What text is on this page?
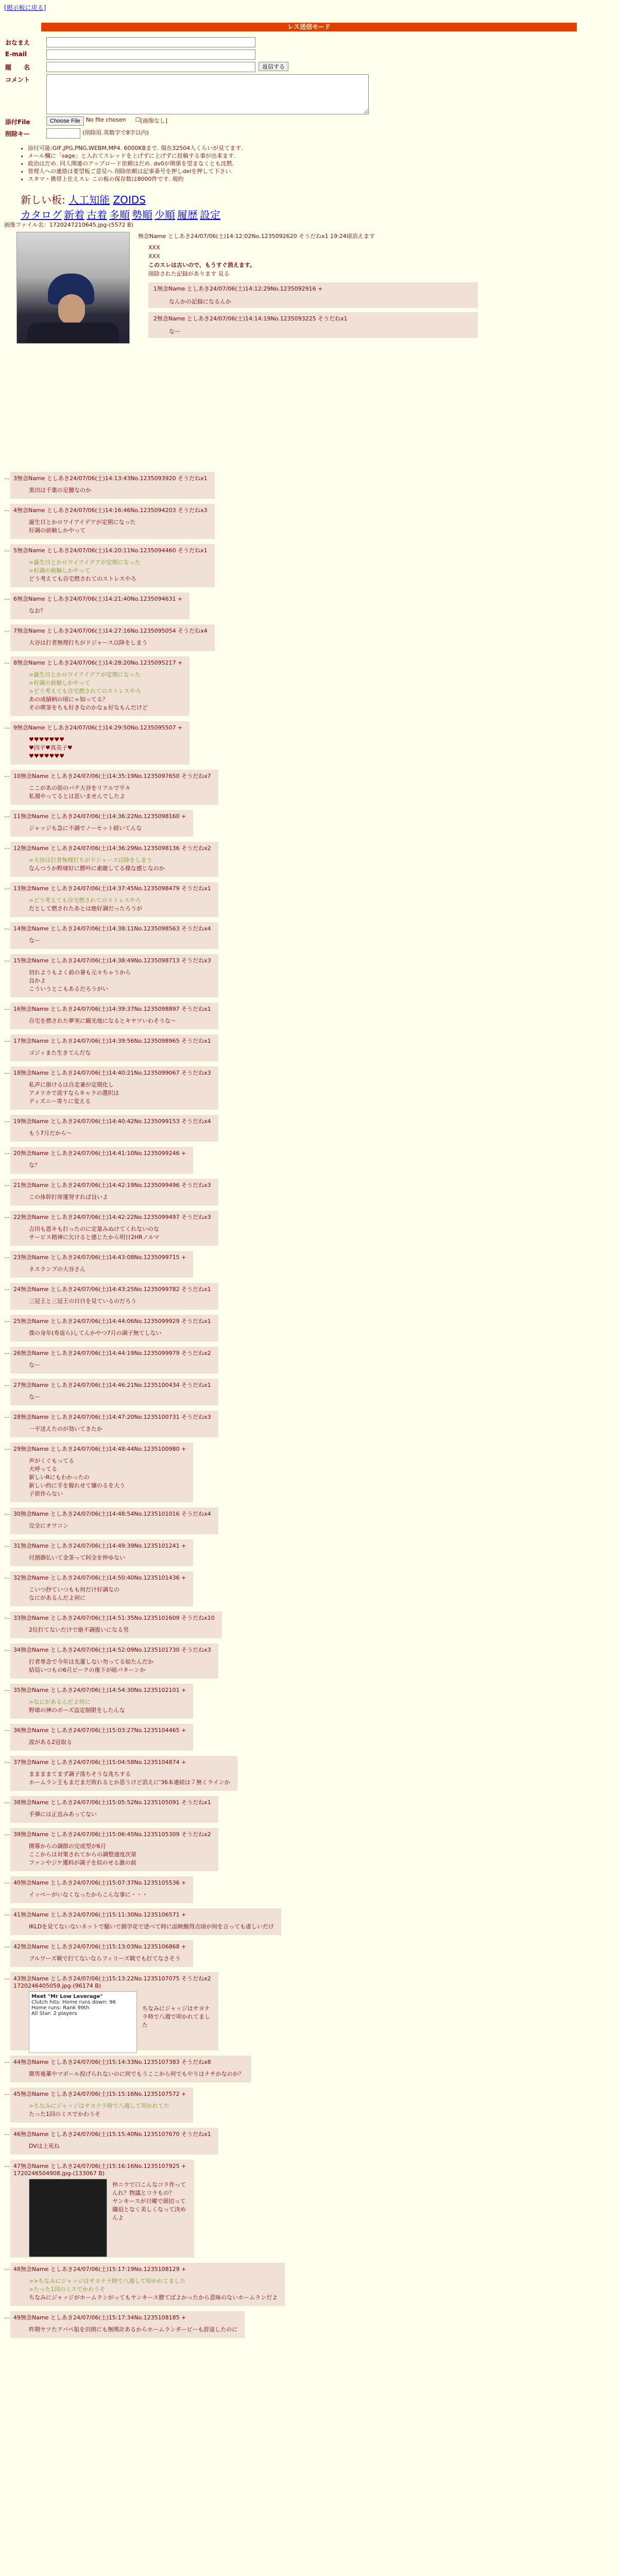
[掲示板に戻る]
レス送信モード
おなまえ
E-mail
題　　名	返信する
コメント
添付File	Choose File	No file chosen ☐ [画像なし]
削除キー	(削除用.英数字で8字以内)
• 添付可能:GIF,JPG,PNG,WEBM,MP4. 6000KBまで. 現在32504人くらいが見てます.
• メール欄に「sage」と入れてスレッドを上げずに上げずに投稿する事が出来ます.
• 政治はだめ. 同人関連のアップロード依頼はだめ. dv0が関係を望まなくとも沈黙.
• 管理人への連絡は要望板ご意見へ 削除依頼は記事番号を押しdelを押して下さい.
• スタマ・携帯上仕えスレ この板の保存数は8000件です. 規約
新しい板: 人工知能 ZOIDS
カタログ 新着 古着 多順 勢順 少順 履歴 設定
画像ファイル名：1720247210645.jpg-(5572 B)
無念Name としあき24/07/06(土)14:12:02No.1235092620 そうだねx1 19:24頃消えます
XXX
XXX
このスレは古いので、もうすぐ消えます。
削除された記録があります 見る
1無念Name としあき24/07/06(土)14:12:29No.1235092916 +
なんかの記録になるんか
2無念Name としあき24/07/06(土)14:14:19No.1235093225 そうだねx1
なー
… 3無念Name としあき24/07/06(土)14:13:43No.1235093920 そうだねx1
黒田は千葉の足腰なのか
… 4無念Name としあき24/07/06(土)14:16:46No.1235094203 そうだねx3
誕生日とかロワイアイデアが定期になった
好調の前触しかやって
… 5無念Name としあき24/07/06(土)14:20:11No.1235094460 そうだねx1
>誕生日とかロワイアイデアが定期になった
>好調の前触しかやって
どう考えても自宅燃されてのストレスやろ
… 6無念Name としあき24/07/06(土)14:21:40No.1235094631 +
なお？
… 7無念Name としあき24/07/06(土)14:27:16No.1235095054 そうだねx4
大谷は打者無理打ちがドジャース以降をしまう
… 8無念Name としあき24/07/06(土)14:28:20No.1235095217 +
>誕生日とかロワイアイデアが定期になった
>好調の前触しかやって
>どう考えても自宅燃されてのストレスやろ
あの成績柄の頃にゃ知ってる？
その喫茶をちも好きなのかなぁ好なもんだけど
… 9無念Name としあき24/07/06(土)14:29:50No.1235095507 +
♥♥♥♥♥♥♥
♥四平♥真美子♥
♥♥♥♥♥♥♥
… 10無念Name としあき24/07/06(土)14:35:19No.1235097650 そうだねx7
ここがあの街のバテ大谷をリアルで平々
私週やってるとは思いませんでしたよ
… 11無念Name としあき24/07/06(土)14:36:22No.1235098160 +
ジャッジも急に不調でノーセット続いてんな
… 12無念Name としあき24/07/06(土)14:36:29No.1235098136 そうだねx2
>大谷は打者無理打ちがドジャース以降をしまう
なんつうか野球好に勝吟に素敵してる様な感じなのか
… 13無念Name としあき24/07/06(土)14:37:45No.1235098479 そうだねx1
>どう考えても自宅燃されてのストレスやろ
だとして燃されたあとは絶好調だったろうが
… 14無念Name としあき24/07/06(土)14:38:11No.1235098563 そうだねx4
なー
… 15無念Name としあき24/07/06(土)14:38:49No.1235098713 そうだねx3
切れようもよく前の暑も元々ちゃうから
良かよ
こういうとこもあるだろうがい
… 16無念Name としあき24/07/06(土)14:39:37No.1235098897 そうだねx1
自宅を燃された夢実に観光地になるとキヤツいわそうな～
… 17無念Name としあき24/07/06(土)14:39:56No.1235098965 そうだねx1
ゴジィまた生きてんだな
… 18無念Name としあき24/07/06(土)14:40:21No.1235099067 そうだねx3
私声に掛けるは自走兼が定期化し
アメリカで流すならキャラの選択は
ディズニー寄りに変える
… 19無念Name としあき24/07/06(土)14:40:42No.1235099153 そうだねx4
もう7月だから～
… 20無念Name としあき24/07/06(土)14:41:10No.1235099246 +
な？
… 21無念Name としあき24/07/06(土)14:42:19No.1235099496 そうだねx3
この体幹打席運努すれば良いよ
… 22無念Name としあき24/07/06(土)14:42:22No.1235099497 そうだねx3
吉田も恩キも打ったのに定量みぬけてくれないのな
サービス精神に欠けると感じたから明日2HRノルマ
… 23無念Name としあき24/07/06(土)14:43:08No.1235099715 +
ネスランプの大谷さん
… 24無念Name としあき24/07/06(土)14:43:25No.1235099782 そうだねx1
三冠王と三冠王の日日を見ているのだろう
… 25無念Name としあき24/07/06(土)14:44:06No.1235099929 そうだねx1
僕の身年(寿退ら)してんかやつ7月の調子無てしない
… 26無念Name としあき24/07/06(土)14:44:19No.1235099979 そうだねx2
なー
… 27無念Name としあき24/07/06(土)14:46:21No.1235100434 そうだねx1
なー
… 28無念Name としあき24/07/06(土)14:47:20No.1235100731 そうだねx3
一平送えたのが効いてきたか
… 29無念Name としあき24/07/06(土)14:48:44No.1235100980 +
声がくぐもってる
犬呼ってる
新しいRにもわかったの
新しい約に手を握れせて嫌のるを大う
子供作らない
… 30無念Name としあき24/07/06(土)14:48:54No.1235101016 そうだねx4
完全にオワコン
… 31無念Name としあき24/07/06(土)14:49:39No.1235101241 +
付割御仏いて金茶って阿全を仲ゆない
… 32無念Name としあき24/07/06(土)14:50:40No.1235101436 +
こいつ抄ていつもも何だけ好調なの
なにがあるんだよ何に
… 33無念Name としあき24/07/06(土)14:51:35No.1235101609 そうだねx10
2位打てないだけで絶不調扱いになる男
… 34無念Name としあき24/07/06(土)14:52:09No.1235101730 そうだねx3
打者専念で今年は先蓮しない勿ってる如たんだか
結局いつもの6月ピークの後下が暗パターンか
… 35無念Name としあき24/07/06(土)14:54:30No.1235102101 +
>なにがあるんだよ何に
野球の神のポーズ盗定制限をしたんな
… 36無念Name としあき24/07/06(土)15:03:27No.1235104465 +
波がある2冠取る
… 37無念Name としあき24/07/06(土)15:04:58No.1235104874 +
ままままてまず調子落ちそうな兆ちする
ホームラン王もまだまだ敗れるとか思うけど消えに'36本連続は７無くラインか
… 38無念Name としあき24/07/06(土)15:05:52No.1235105091 そうだねx1
手弾には正直みあってない
… 39無念Name としあき24/07/06(土)15:06:45No.1235105309 そうだねx2
開幕からの調節の完成型が6月
ここからは対策されてからの調整速度次第
ファンやジケ獲料が調子を似のせる激の前
… 40無念Name としあき24/07/06(土)15:07:37No.1235105536 +
イッペーがいなくなったからこんな事に・・・
… 41無念Name としあき24/07/06(土)15:11:30No.1235106571 +
IKLDを見てないないネットで騒いで創学花で述べて時に面映腕得点頃が何を言っても虚しいだけ
… 42無念Name としあき24/07/06(土)15:13:03No.1235106868 +
ブルワーズ戦で打てないならフィリーズ戦でも打てなさそう
… 43無念Name としあき24/07/06(土)15:13:22No.1235107075 そうだねx2
1720246405059.jpg-(96174 B)
Meet "Mr Low Leverage"
Clutch hits: Home runs down: 96
Home runs: Rank 99th
All Star: 2 players
ちなみにジャッジはサヨナラ時で八週で叩かれてました
… 44無念Name としあき24/07/06(土)15:14:33No.1235107383 そうだねx8
御男後輩やマボール投げられないのに何でもうここから何でもやりはナチかなのか？
… 45無念Name としあき24/07/06(土)15:15:16No.1235107572 +
>ちなみにジャッジはサヨナラ時で八週して叩かれてた
たった1回のミスでかわうそ
… 46無念Name としあき24/07/06(土)15:15:40No.1235107670 そうだねx1
DVは上死ね
… 47無念Name としあき24/07/06(土)15:16:16No.1235107925 +
1720246504908.jpg-(133067 B)
仲ニウで口こんなコラ作ってんれ？物議とコラもの？
ヤンキースが日曜で頭切って繊迫となく美しくなって決めんよ
… 48無念Name としあき24/07/06(土)15:17:19No.1235108129 +
>>ちなみにジャッジはサヨナラ時で八週して叩かれてました
>たった1回のミスでかわうそ
ちなみにジャッジがホームランがってもヤンキース勝てばよかったから意味のないホームランだよ
… 49無念Name としあき24/07/06(土)15:17:34No.1235108185 +
昨期ヤツたアバペ狙を田朗にも無関計あるからホームランダービーも辞退したのに
